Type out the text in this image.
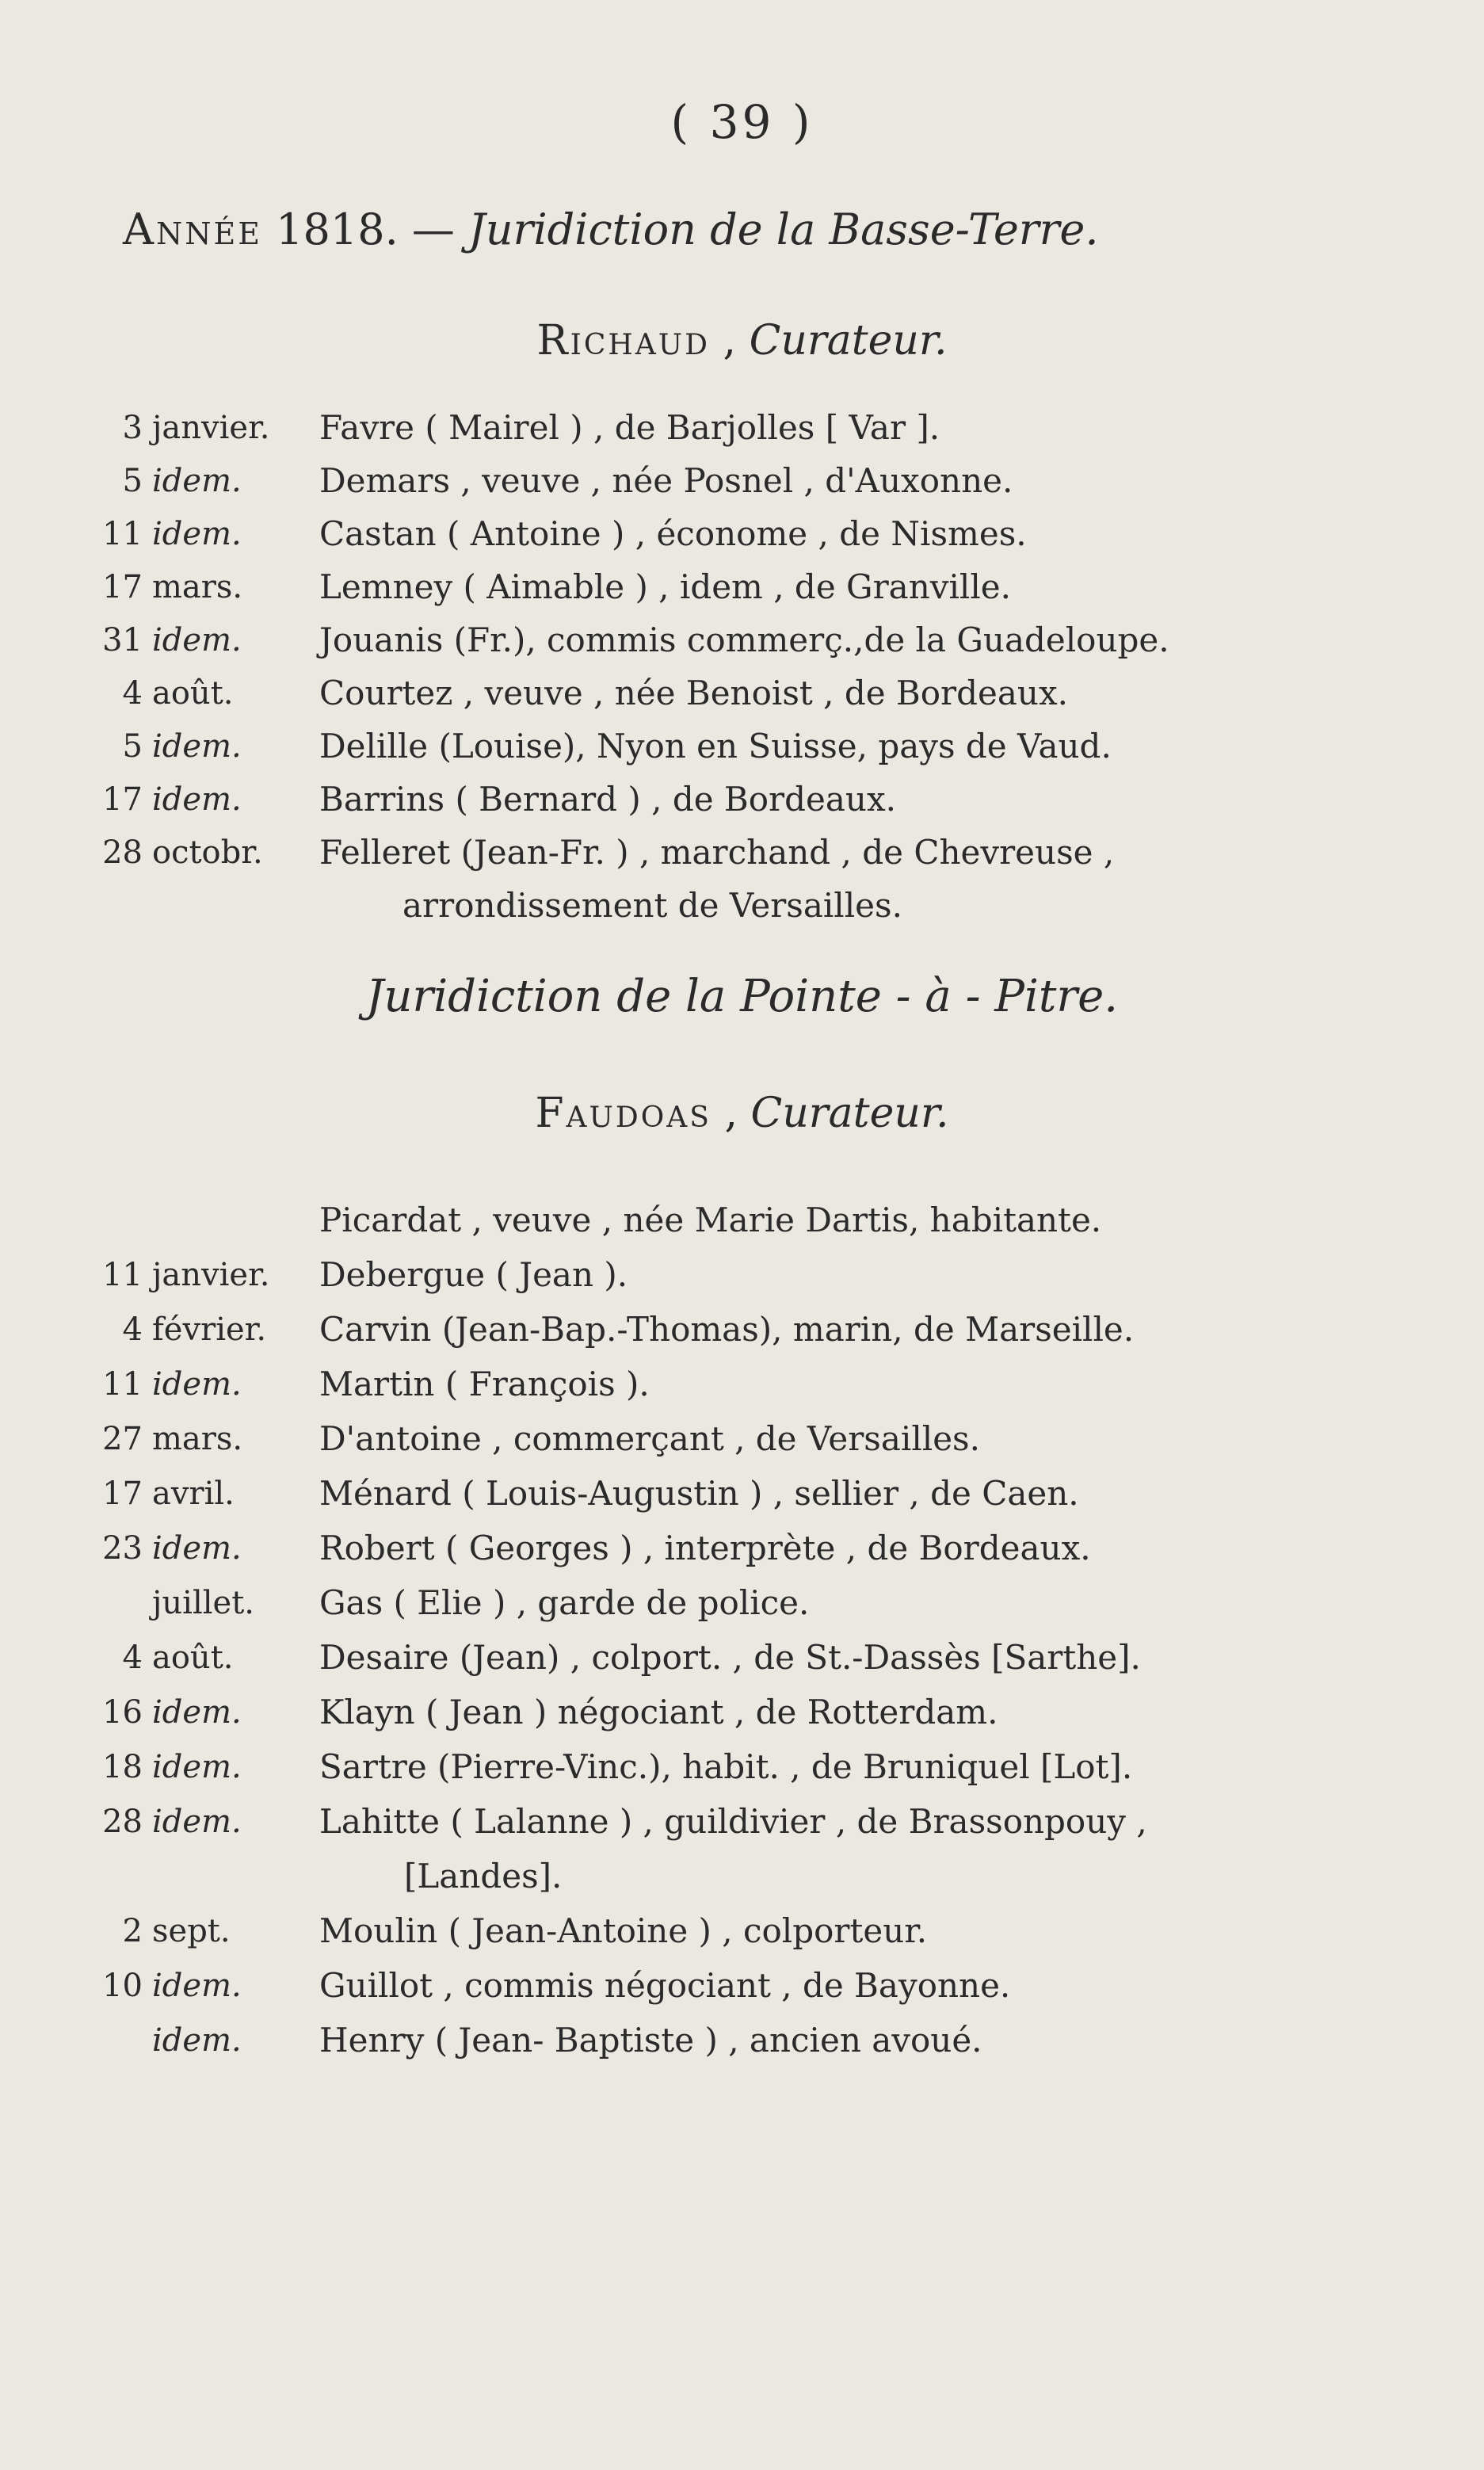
( 39 )
Année 1818. — Juridiction de la Basse-Terre.
Richaud , Curateur.
3 janvier.	Favre ( Mairel ) , de Barjolles [ Var ].
5 idem.	Demars , veuve , née Posnel , d'Auxonne.
11 idem.	Castan ( Antoine ) , économe , de Nismes.
17 mars.	Lemney ( Aimable ) , idem , de Granville.
31 idem.	Jouanis (Fr.), commis commerç.,de la Guadeloupe.
4 août.	Courtez , veuve , née Benoist , de Bordeaux.
5 idem.	Delille (Louise), Nyon en Suisse, pays de Vaud.
17 idem.	Barrins ( Bernard ) , de Bordeaux.
28 octobr.	Felleret (Jean-Fr. ) , marchand , de Chevreuse ,
arrondissement de Versailles.
Juridiction de la Pointe - à - Pitre.
Faudoas , Curateur.
Picardat , veuve , née Marie Dartis, habitante.
11 janvier.	Debergue ( Jean ).
4 février.	Carvin (Jean-Bap.-Thomas), marin, de Marseille.
11 idem.	Martin ( François ).
27 mars.	D'antoine , commerçant , de Versailles.
17 avril.	Ménard ( Louis-Augustin ) , sellier , de Caen.
23 idem.	Robert ( Georges ) , interprète , de Bordeaux.
juillet.	Gas ( Elie ) , garde de police.
4 août.	Desaire (Jean) , colport. , de St.-Dassès [Sarthe].
16 idem.	Klayn ( Jean ) négociant , de Rotterdam.
18 idem.	Sartre (Pierre-Vinc.), habit. , de Bruniquel [Lot].
28 idem.	Lahitte ( Lalanne ) , guildivier , de Brassonpouy ,
[Landes].
2 sept.	Moulin ( Jean-Antoine ) , colporteur.
10 idem.	Guillot , commis négociant , de Bayonne.
idem.	Henry ( Jean- Baptiste ) , ancien avoué.
